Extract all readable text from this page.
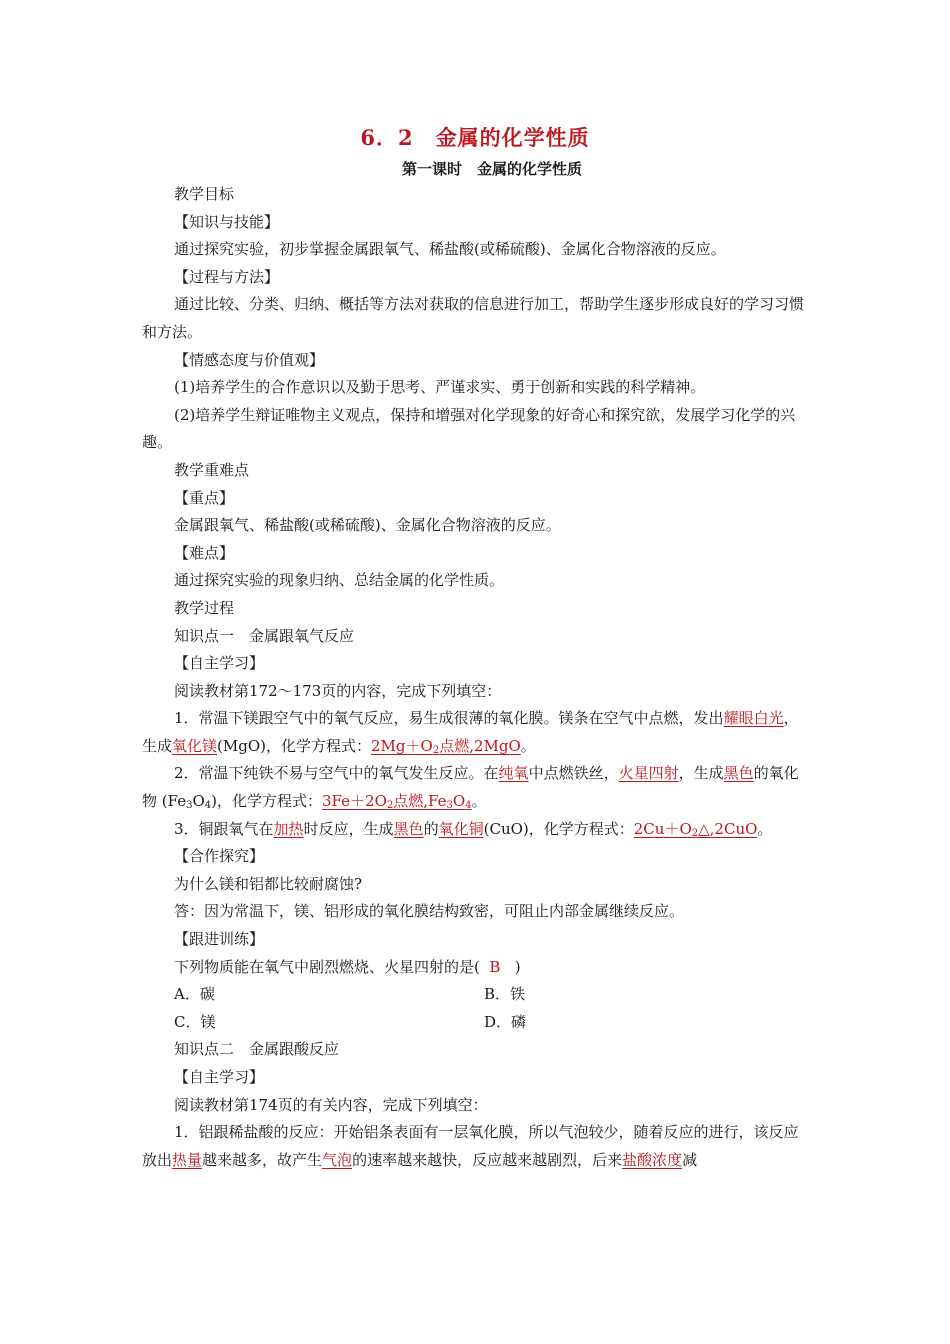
6．2　金属的化学性质
第一课时　金属的化学性质

教学目标

【知识与技能】

通过探究实验，初步掌握金属跟氧气、稀盐酸(或稀硫酸)、金属化合物溶液的反应。

【过程与方法】

通过比较、分类、归纳、概括等方法对获取的信息进行加工，帮助学生逐步形成良好的学习习惯和方法。

【情感态度与价值观】

(1)培养学生的合作意识以及勤于思考、严谨求实、勇于创新和实践的科学精神。

(2)培养学生辩证唯物主义观点，保持和增强对化学现象的好奇心和探究欲，发展学习化学的兴趣。

教学重难点

【重点】

金属跟氧气、稀盐酸(或稀硫酸)、金属化合物溶液的反应。

【难点】

通过探究实验的现象归纳、总结金属的化学性质。

教学过程

知识点一　金属跟氧气反应

【自主学习】

阅读教材第172～173页的内容，完成下列填空：

1．常温下镁跟空气中的氧气反应，易生成很薄的氧化膜。镁条在空气中点燃，发出耀眼白光，生成氧化镁(MgO)，化学方程式：$2Mg+O_2$点燃,2MgO。

2．常温下纯铁不易与空气中的氧气发生反应。在纯氧中点燃铁丝，火星四射，生成黑色的氧化物 $(Fe_3O_4)$，化学方程式：$3Fe+2O_2$点燃$,Fe_3O_4$。

3．铜跟氧气在加热时反应，生成黑色的氧化铜(CuO)，化学方程式：$2Cu+O_2\triangle,2CuO$。

【合作探究】

为什么镁和铝都比较耐腐蚀?

答：因为常温下，镁、铝形成的氧化膜结构致密，可阻止内部金属继续反应。

【跟进训练】

下列物质能在氧气中剧烈燃烧、火星四射的是( B )

A．碳	B．铁
C．镁	D．磷

知识点二　金属跟酸反应

【自主学习】

阅读教材第174页的有关内容，完成下列填空：

1．铝跟稀盐酸的反应：开始铝条表面有一层氧化膜，所以气泡较少，随着反应的进行，该反应放出热量越来越多，故产生气泡的速率越来越快，反应越来越剧烈，后来盐酸浓度减
